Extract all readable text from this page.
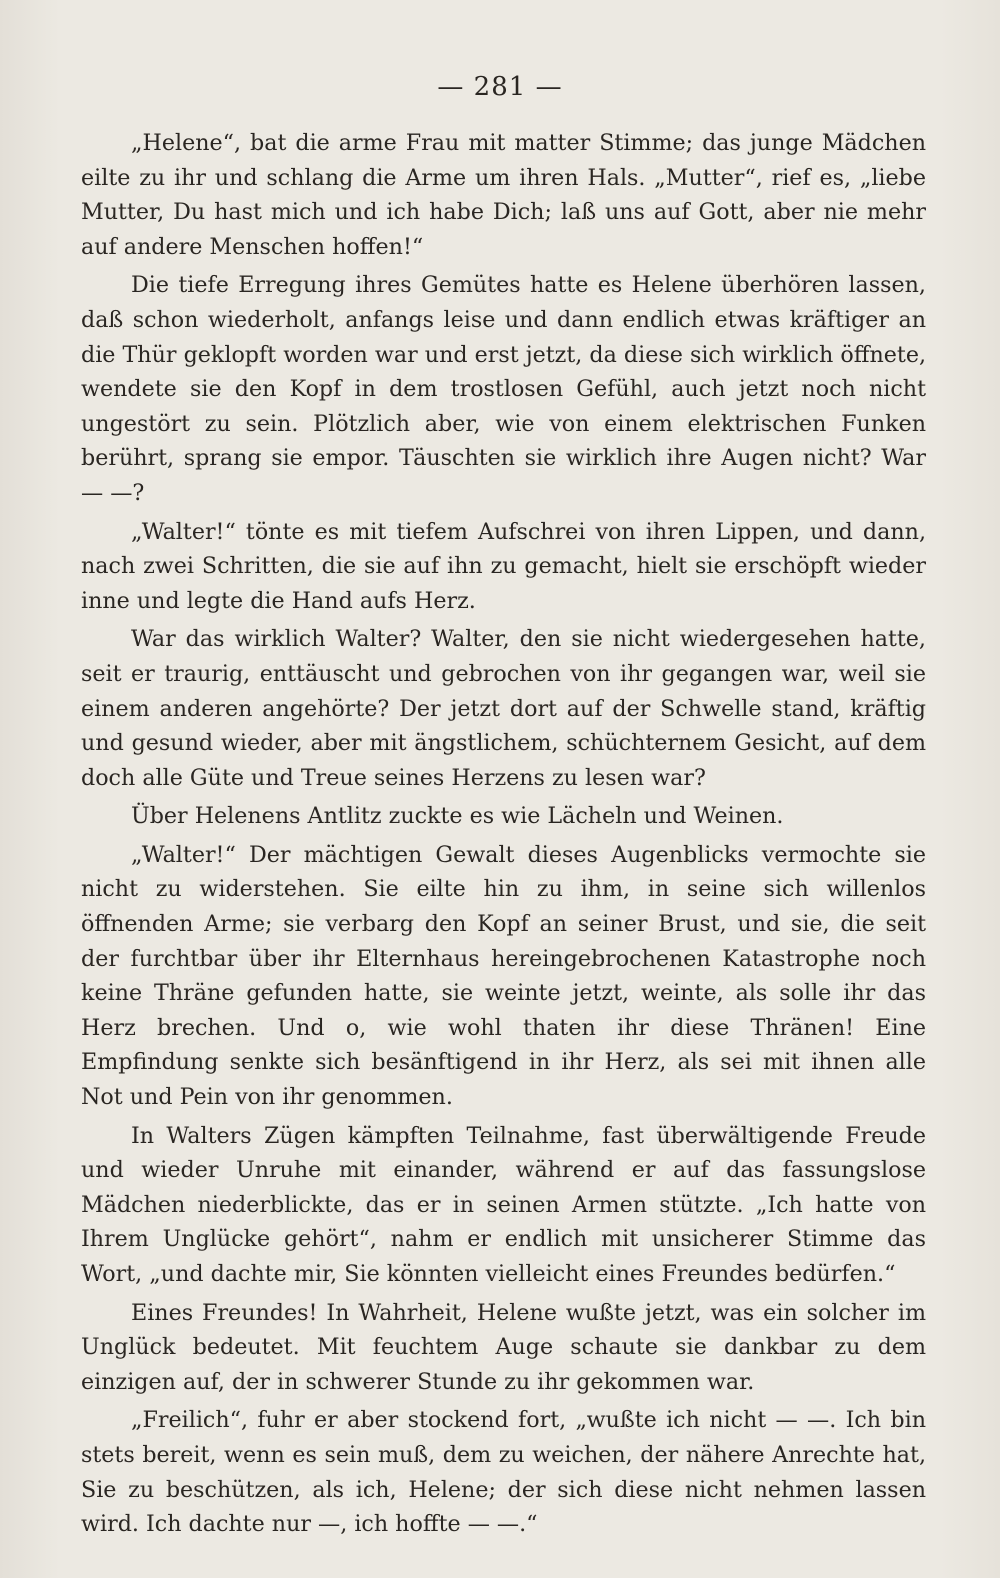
— 281 —

„Helene“, bat die arme Frau mit matter Stimme; das junge Mädchen eilte zu ihr und schlang die Arme um ihren Hals. „Mutter“, rief es, „liebe Mutter, Du hast mich und ich habe Dich; laß uns auf Gott, aber nie mehr auf andere Menschen hoffen!“

Die tiefe Erregung ihres Gemütes hatte es Helene überhören lassen, daß schon wiederholt, anfangs leise und dann endlich etwas kräftiger an die Thür geklopft worden war und erst jetzt, da diese sich wirklich öffnete, wendete sie den Kopf in dem trostlosen Gefühl, auch jetzt noch nicht ungestört zu sein. Plötzlich aber, wie von einem elektrischen Funken berührt, sprang sie empor. Täuschten sie wirklich ihre Augen nicht? War — —?

„Walter!“ tönte es mit tiefem Aufschrei von ihren Lippen, und dann, nach zwei Schritten, die sie auf ihn zu gemacht, hielt sie erschöpft wieder inne und legte die Hand aufs Herz.

War das wirklich Walter? Walter, den sie nicht wiedergesehen hatte, seit er traurig, enttäuscht und gebrochen von ihr gegangen war, weil sie einem anderen angehörte? Der jetzt dort auf der Schwelle stand, kräftig und gesund wieder, aber mit ängstlichem, schüchternem Gesicht, auf dem doch alle Güte und Treue seines Herzens zu lesen war?

Über Helenens Antlitz zuckte es wie Lächeln und Weinen.

„Walter!“ Der mächtigen Gewalt dieses Augenblicks vermochte sie nicht zu widerstehen. Sie eilte hin zu ihm, in seine sich willenlos öffnenden Arme; sie verbarg den Kopf an seiner Brust, und sie, die seit der furchtbar über ihr Elternhaus hereingebrochenen Katastrophe noch keine Thräne gefunden hatte, sie weinte jetzt, weinte, als solle ihr das Herz brechen. Und o, wie wohl thaten ihr diese Thränen! Eine Empfindung senkte sich besänftigend in ihr Herz, als sei mit ihnen alle Not und Pein von ihr genommen.

In Walters Zügen kämpften Teilnahme, fast überwältigende Freude und wieder Unruhe mit einander, während er auf das fassungslose Mädchen niederblickte, das er in seinen Armen stützte. „Ich hatte von Ihrem Unglücke gehört“, nahm er endlich mit unsicherer Stimme das Wort, „und dachte mir, Sie könnten vielleicht eines Freundes bedürfen.“

Eines Freundes! In Wahrheit, Helene wußte jetzt, was ein solcher im Unglück bedeutet. Mit feuchtem Auge schaute sie dankbar zu dem einzigen auf, der in schwerer Stunde zu ihr gekommen war.

„Freilich“, fuhr er aber stockend fort, „wußte ich nicht — —. Ich bin stets bereit, wenn es sein muß, dem zu weichen, der nähere Anrechte hat, Sie zu beschützen, als ich, Helene; der sich diese nicht nehmen lassen wird. Ich dachte nur —, ich hoffte — —.“
